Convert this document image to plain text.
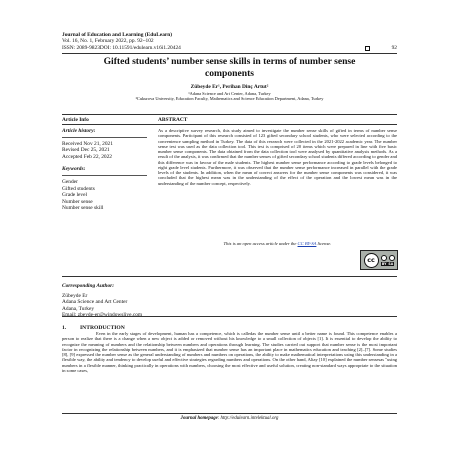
Journal of Education and Learning (EduLearn)
Vol. 16, No. 1, February 2022, pp. 92~102
ISSN: 2089-9823DOI: 10.11591/edulearn.v16i1.20424	92
Gifted students’ number sense skills in terms of number sense
components
Zübeyde Er¹, Perihan Dinç Artut²
¹Adana Science and Art Center, Adana, Turkey
²Cukurova University, Education Faculty, Mathematics and Science Education Department, Adana, Turkey
Article Info	ABSTRACT
Article history:
Received Nov 21, 2021
Revised Dec 25, 2021
Accepted Feb 22, 2022
Keywords:
Gender
Gifted students
Grade level
Number sense
Number sense skill
As a descriptive survey research, this study aimed to investigate the number sense skills of gifted in terms of number sense components. Participant of this research consisted of 123 gifted secondary school students, who were selected according to the convenience sampling method in Turkey. The data of this research were collected in the 2021-2022 academic year. The number sense test was used as the data collection tool. This test is comprised of 20 items which were prepared in line with five basic number sense components. The data obtained from the data collection tool were analysed by quantitative analysis methods. As a result of the analysis, it was confirmed that the number senses of gifted secondary school students differed according to gender and this difference was in favour of the male students. The highest number sense performance according to grade levels belonged to eight grade level students. Furthermore, it was observed that the number sense performance increased in parallel with the grade levels of the students. In addition, when the mean of correct answers for the number sense components was considered, it was concluded that the highest mean was in the understanding of the effect of the operation and the lowest mean was in the understanding of the number concept, respectively.
This is an open access article under the CC BY-SA license.
cc	BY SA
Corresponding Author:
Zübeyde Er
Adana Science and Art Center
Adana, Turkey
Email: zbeyde-er@windowslive.com
1. INTRODUCTION
Even in the early stages of development, human has a competence, which is calledas the number sense until a better name is found. This competence enables a person to realize that there is a change when a new object is added or removed without his knowledge to a small collection of objects [1]. It is essential to develop the ability to recognize the meaning of numbers and the relationship between numbers and operations through learning. The studies carried out support that number sense is the most important factor in recognizing the relationship between numbers, and it is emphasized that number sense has an important place in mathematics education and teaching [2]–[7]. Some studies [8], [9] expressed the number sense as the general understanding of numbers and numbers on operations, the ability to make mathematical interpretations using this understanding in a flexible way, the ability and tendency to develop useful and effective strategies regarding numbers and operations. On the other hand, Altay [10] explained the number sensesas "using numbers in a flexible manner, thinking practically in operations with numbers, choosing the most effective and useful solution, creating non-standard ways appropriate to the situation in some cases,
Journal homepage: http://edulearn.intelektual.org
